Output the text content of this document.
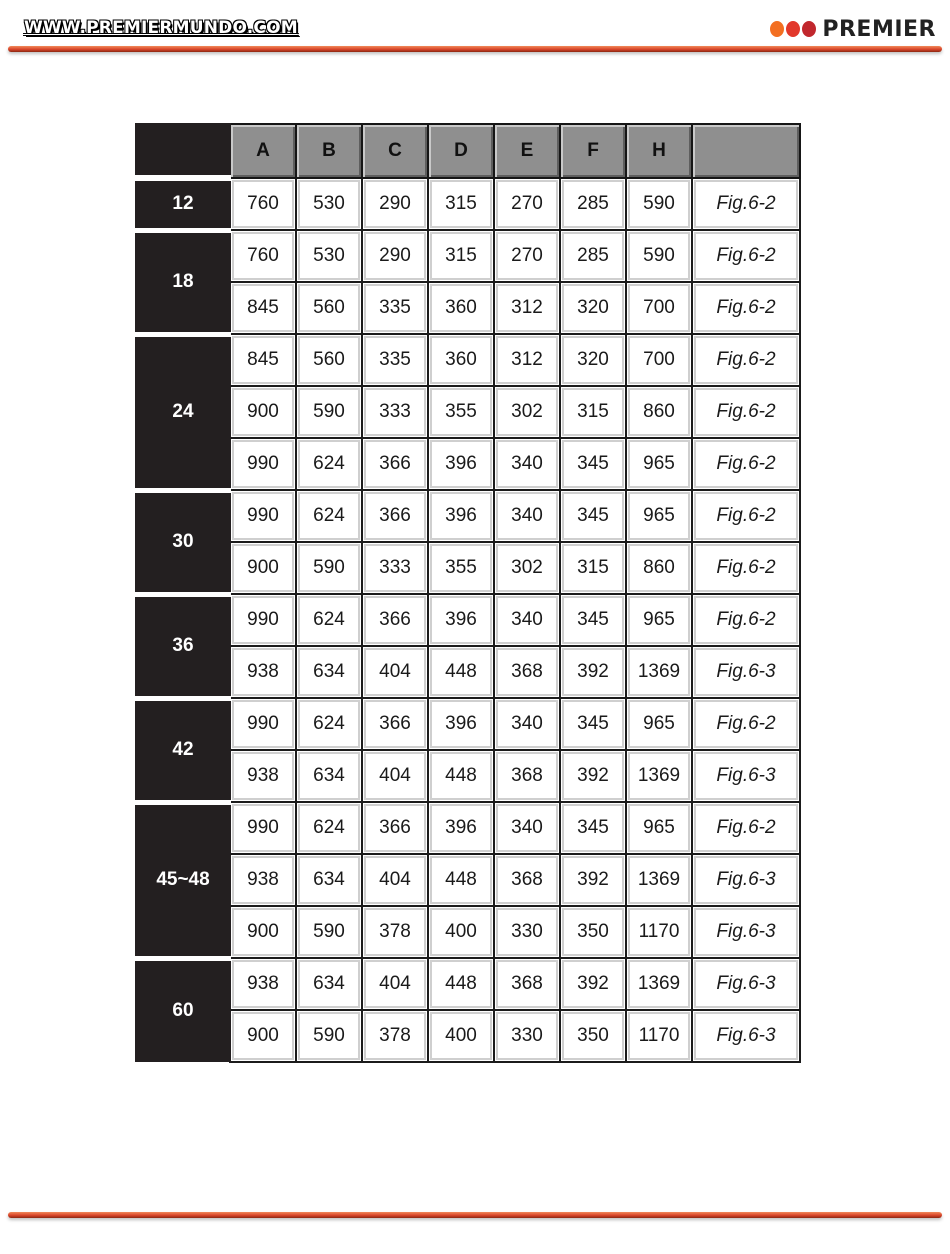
WWW.PREMIERMUNDO.COM	PREMIER
	A	B	C	D	E	F	H	
12	760	530	290	315	270	285	590	Fig.6-2
18	760	530	290	315	270	285	590	Fig.6-2
	845	560	335	360	312	320	700	Fig.6-2
24	845	560	335	360	312	320	700	Fig.6-2
	900	590	333	355	302	315	860	Fig.6-2
	990	624	366	396	340	345	965	Fig.6-2
30	990	624	366	396	340	345	965	Fig.6-2
	900	590	333	355	302	315	860	Fig.6-2
36	990	624	366	396	340	345	965	Fig.6-2
	938	634	404	448	368	392	1369	Fig.6-3
42	990	624	366	396	340	345	965	Fig.6-2
	938	634	404	448	368	392	1369	Fig.6-3
45~48	990	624	366	396	340	345	965	Fig.6-2
	938	634	404	448	368	392	1369	Fig.6-3
	900	590	378	400	330	350	1170	Fig.6-3
60	938	634	404	448	368	392	1369	Fig.6-3
	900	590	378	400	330	350	1170	Fig.6-3
